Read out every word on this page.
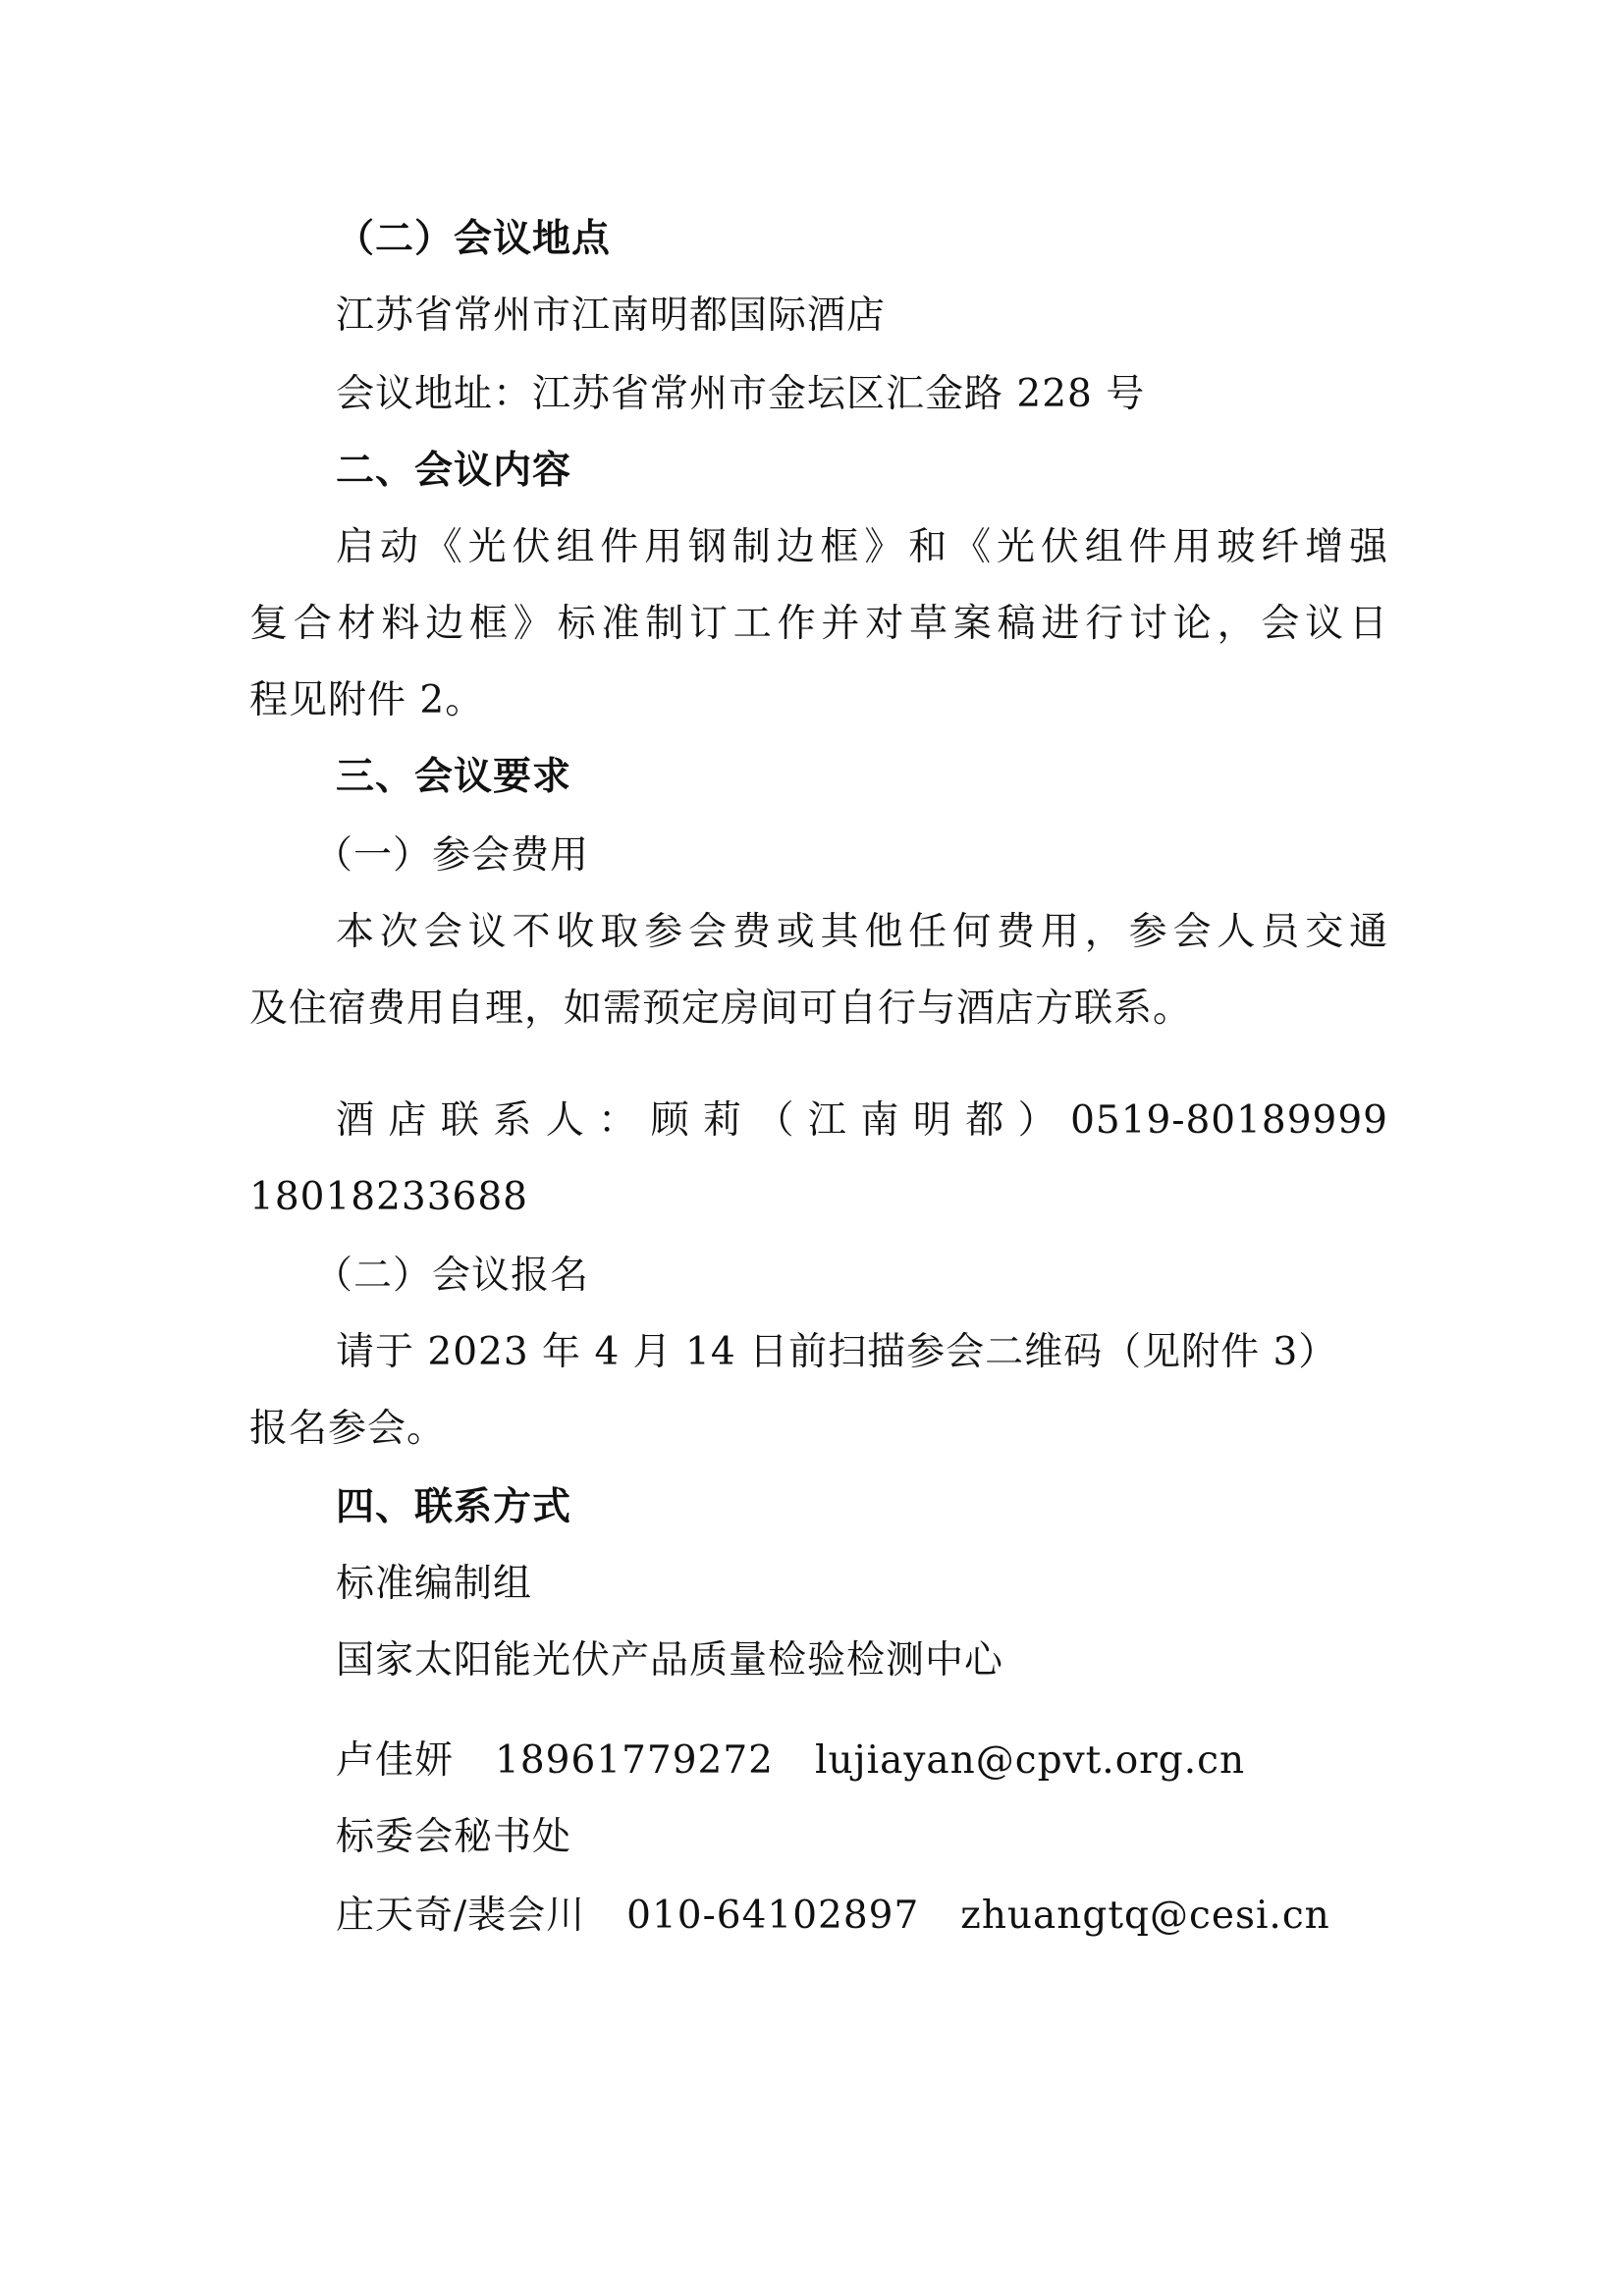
（二）会议地点
江苏省常州市江南明都国际酒店
会议地址：江苏省常州市金坛区汇金路 228 号
二、会议内容
启动《光伏组件用钢制边框》和《光伏组件用玻纤增强
复合材料边框》标准制订工作并对草案稿进行讨论，会议日
程见附件 2。
三、会议要求
（一）参会费用
本次会议不收取参会费或其他任何费用，参会人员交通
及住宿费用自理，如需预定房间可自行与酒店方联系。
酒店联系人：顾莉（江南明都）0519-80189999
18018233688
（二）会议报名
请于 2023 年 4 月 14 日前扫描参会二维码（见附件 3）
报名参会。
四、联系方式
标准编制组
国家太阳能光伏产品质量检验检测中心
卢佳妍 18961779272 lujiayan@cpvt.org.cn
标委会秘书处
庄天奇/裴会川 010-64102897 zhuangtq@cesi.cn
